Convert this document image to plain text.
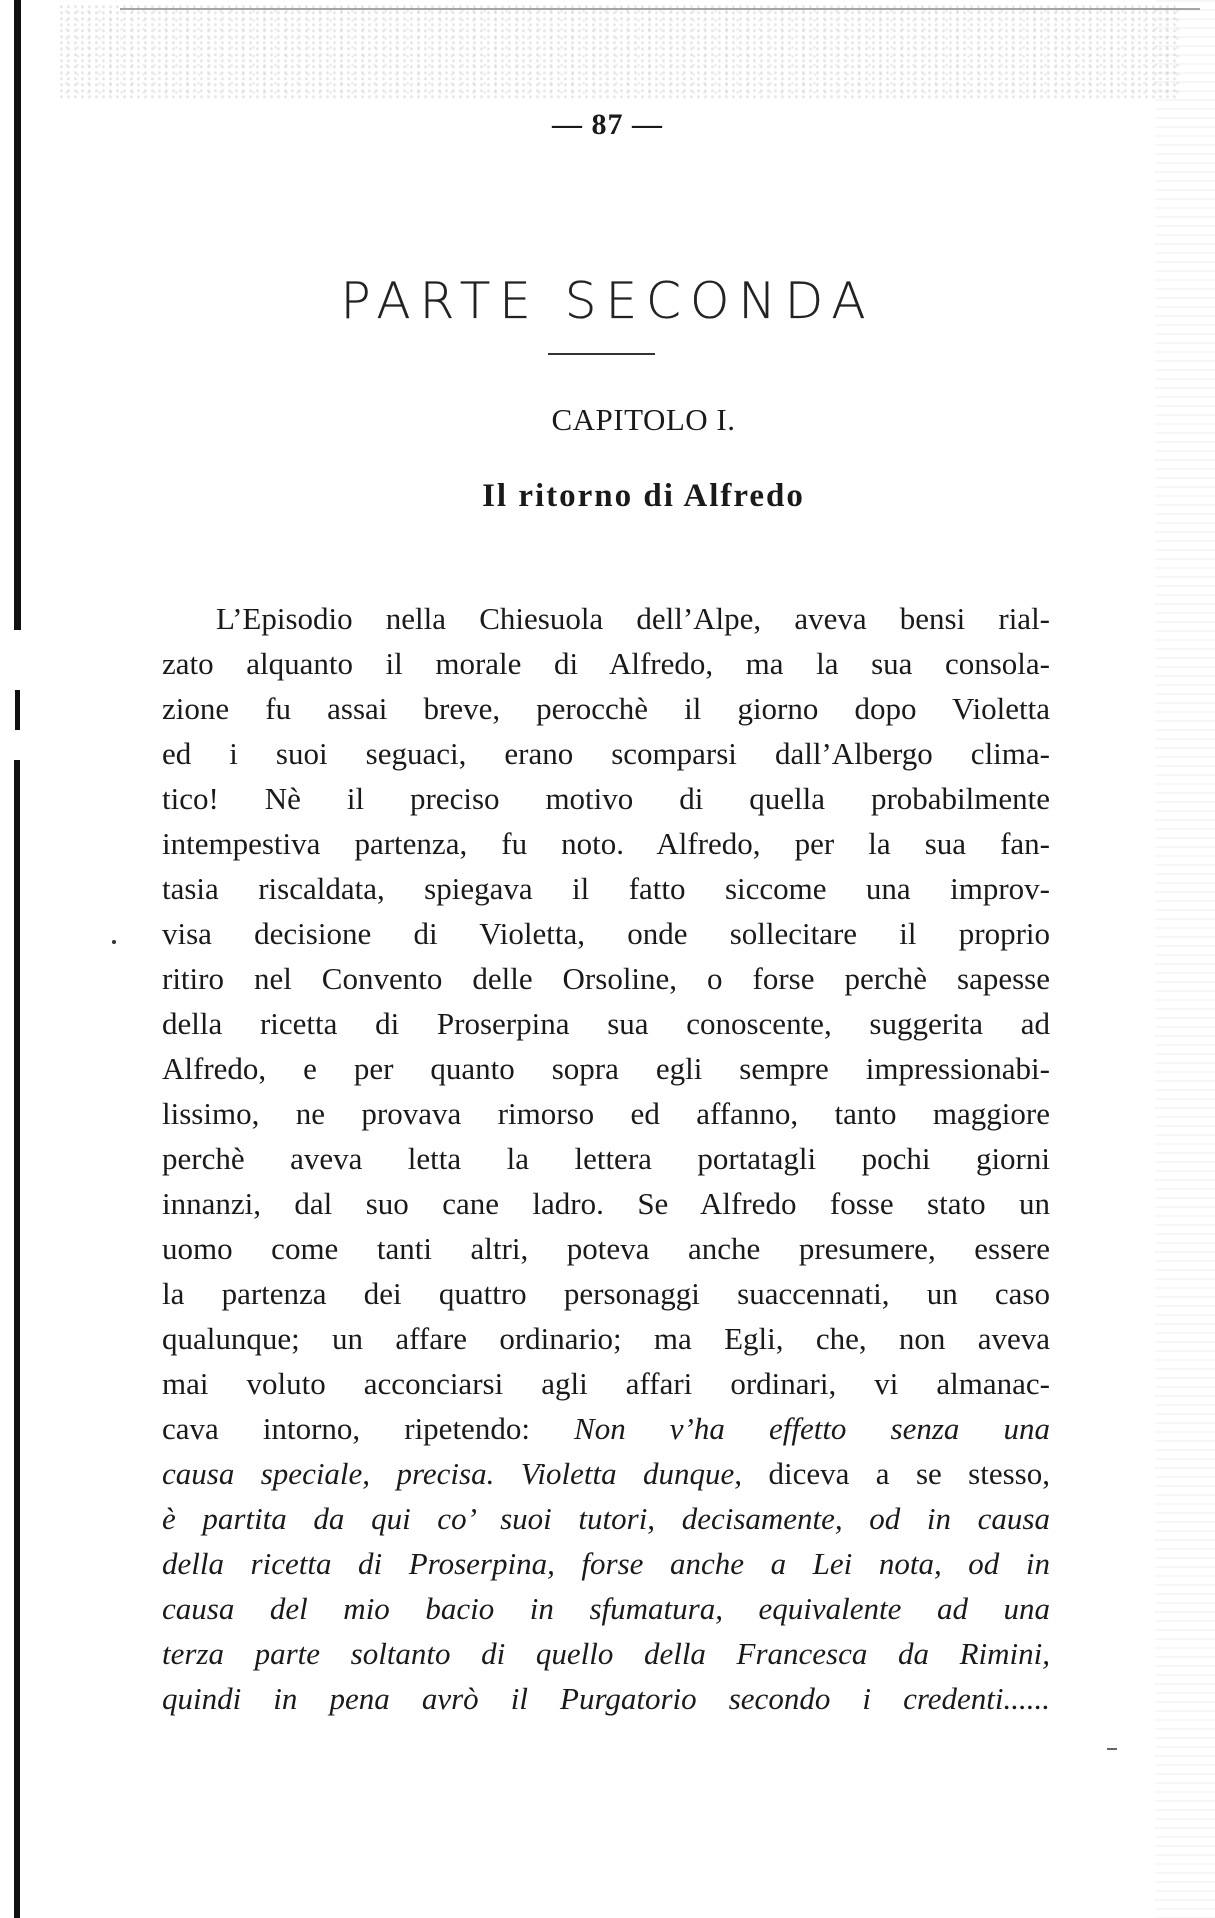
— 87 —
PARTE SECONDA
CAPITOLO I.
Il ritorno di Alfredo
L’Episodio nella Chiesuola dell’Alpe, aveva bensi rial-
zato alquanto il morale di Alfredo, ma la sua consola-
zione fu assai breve, perocchè il giorno dopo Violetta
ed i suoi seguaci, erano scomparsi dall’Albergo clima-
tico! Nè il preciso motivo di quella probabilmente
intempestiva partenza, fu noto. Alfredo, per la sua fan-
tasia riscaldata, spiegava il fatto siccome una improv-
visa decisione di Violetta, onde sollecitare il proprio
ritiro nel Convento delle Orsoline, o forse perchè sapesse
della ricetta di Proserpina sua conoscente, suggerita ad
Alfredo, e per quanto sopra egli sempre impressionabi-
lissimo, ne provava rimorso ed affanno, tanto maggiore
perchè aveva letta la lettera portatagli pochi giorni
innanzi, dal suo cane ladro. Se Alfredo fosse stato un
uomo come tanti altri, poteva anche presumere, essere
la partenza dei quattro personaggi suaccennati, un caso
qualunque; un affare ordinario; ma Egli, che, non aveva
mai voluto acconciarsi agli affari ordinari, vi almanac-
cava intorno, ripetendo: Non v’ha effetto senza una
causa speciale, precisa. Violetta dunque, diceva a se stesso,
è partita da qui co’ suoi tutori, decisamente, od in causa
della ricetta di Proserpina, forse anche a Lei nota, od in
causa del mio bacio in sfumatura, equivalente ad una
terza parte soltanto di quello della Francesca da Rimini,
quindi in pena avrò il Purgatorio secondo i credenti......
